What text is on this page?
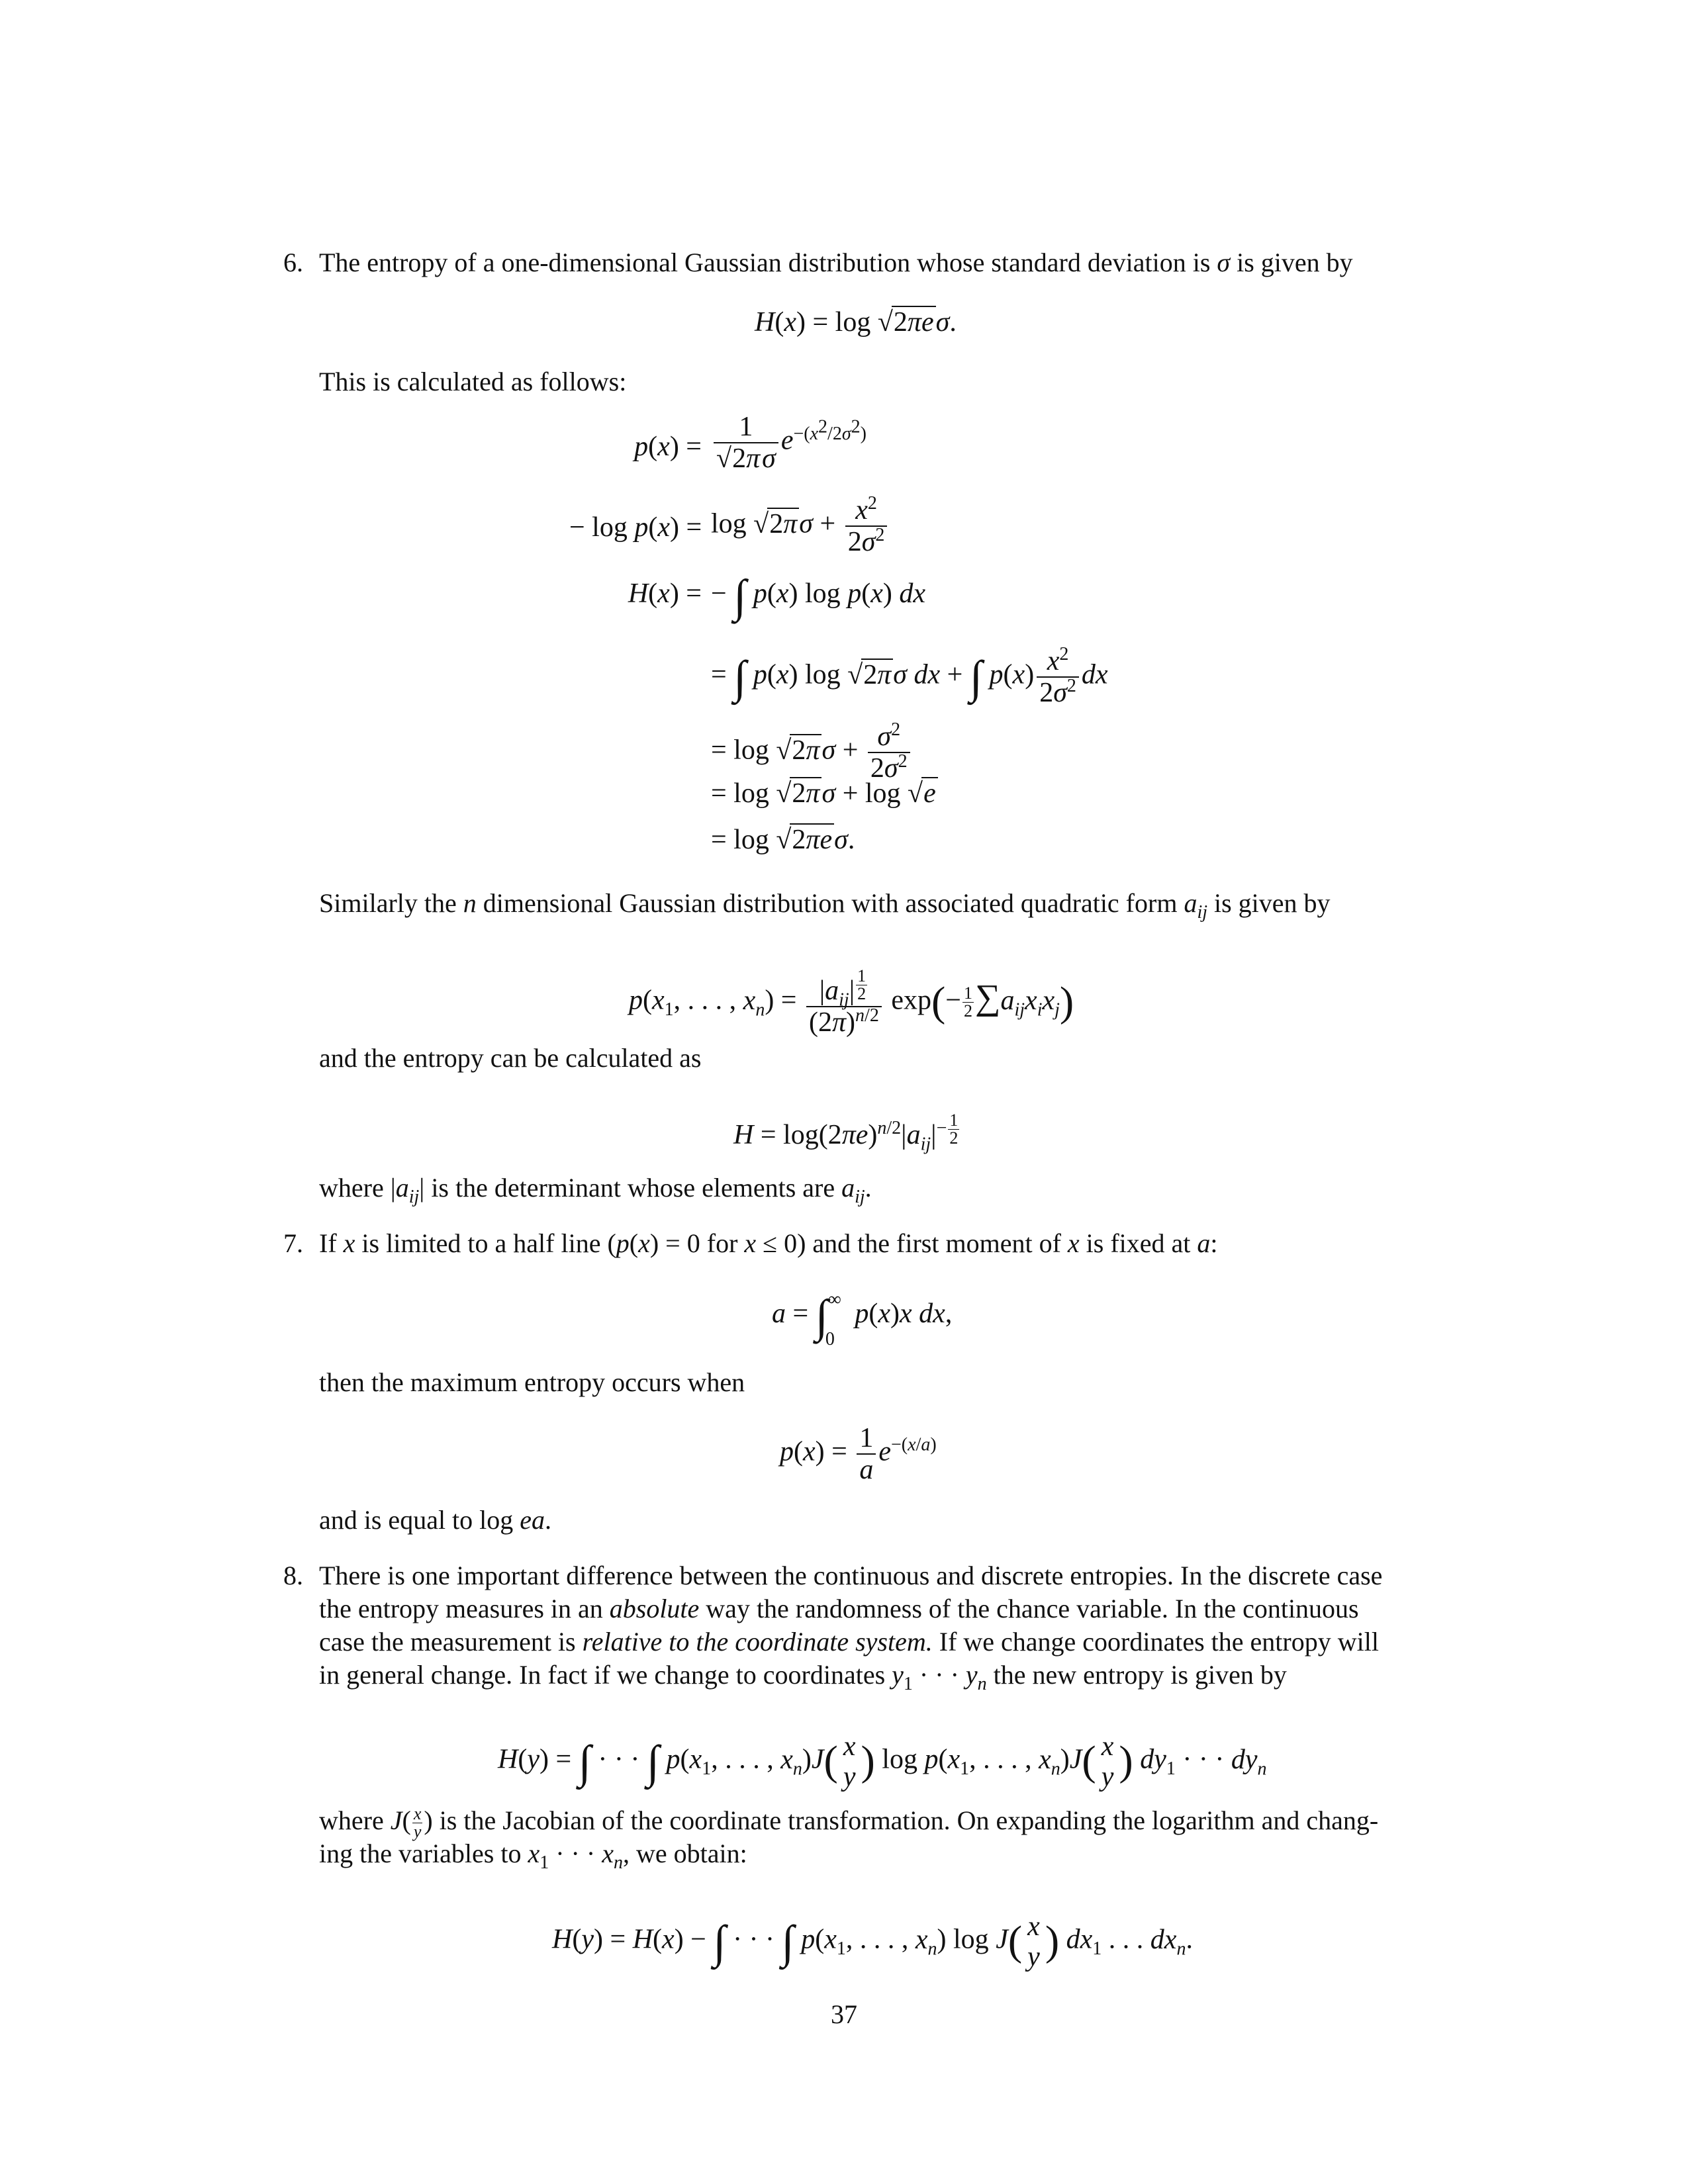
6. The entropy of a one-dimensional Gaussian distribution whose standard deviation is σ is given by
H(x) = log √2πeσ.
This is calculated as follows:
$p(x) = \frac{1}{√2\pi\sigma} e^{-(x^2/2\sigma^2)}$
− $\log p(x) = \log √2\pi\sigma + \frac{x^2}{2\sigma^2}$
H(x) = − ∫ p(x) log p(x) dx
= ∫ p(x) log √2πσ dx + ∫ $p(x) \frac{x^2}{2\sigma^2}$ dx
= $\log √2\pi\sigma + \frac{\sigma^2}{2\sigma^2}$
= log √2πσ + log √e
= log √2πeσ.
Similarly the n dimensional Gaussian distribution with associated quadratic form $a_{ij}$ is given by
$p(x_1$, . . . , $x_n) = |a_{ij}|$ $^{\frac{1}{2}}$
$(2\pi)^{n/2}$ $\exp(- \frac{1}{2} \sum a_{ij}x_ix_j)$
and the entropy can be calculated as
$H = \log(2\pi e)^{n/2}|a_{ij}|^{- \frac{1}{2}}$
where $|a_{ij}|$ is the determinant whose elements are $a_{ij}$.
7. If x is limited to a half line (p(x) = 0 for x ≤ 0) and the first moment of x is fixed at a:
a = ∫ ∞
0
p(x)x dx,
then the maximum entropy occurs when
$p(x) = \frac{1}{a} e^{-(x/a)}$
and is equal to log ea.
8. There is one important difference between the continuous and discrete entropies. In the discrete case
the entropy measures in an absolute way the randomness of the chance variable. In the continuous
case the measurement is relative to the coordinate system. If we change coordinates the entropy will
in general change. In fact if we change to coordinates $y_1$ · · · $y_n$ the new entropy is given by
H(y) = ∫ · · · ∫ $p(x_1$, . . . , $x_n)J$( x
y ) $\log p(x_1$, . . . , $x_n)J$( x
y ) $dy_1$ · · · $dy_n$
where $J( \frac{x}{y}$ ) is the Jacobian of the coordinate transformation. On expanding the logarithm and chang-
ing the variables to $x_1$ · · · $x_n$, we obtain:
H(y) = H(x) − ∫ · · · ∫ $p(x_1$, . . . , $x_n$) log J( x
y ) $dx_1$ . . . $dx_n$.
37
